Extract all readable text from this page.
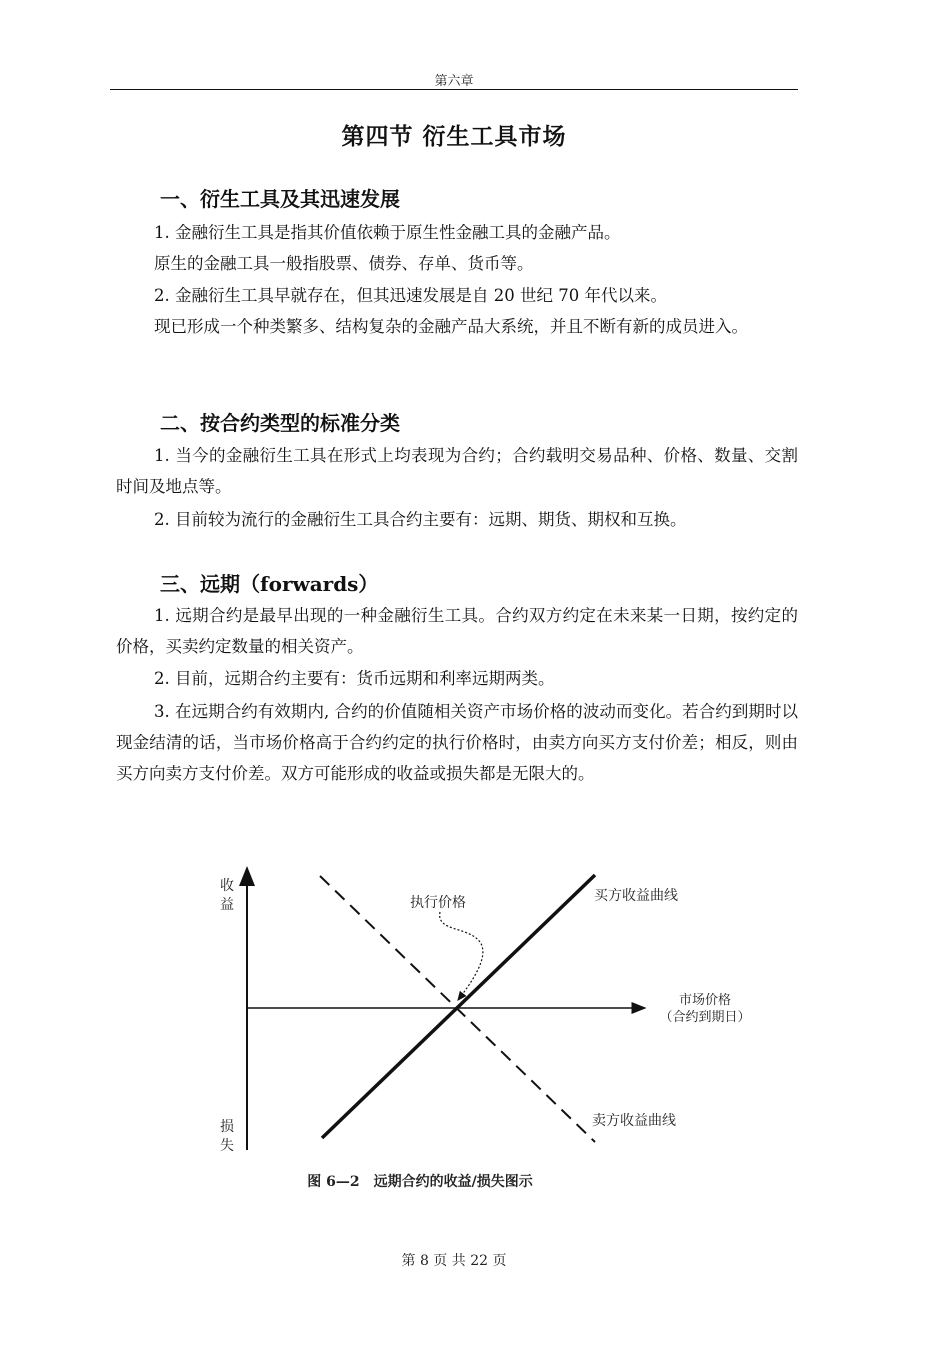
第六章
第四节 衍生工具市场
一、衍生工具及其迅速发展
1. 金融衍生工具是指其价值依赖于原生性金融工具的金融产品。
原生的金融工具一般指股票、债券、存单、货币等。
2. 金融衍生工具早就存在，但其迅速发展是自 20 世纪 70 年代以来。
现已形成一个种类繁多、结构复杂的金融产品大系统，并且不断有新的成员进入。
二、按合约类型的标准分类
1. 当今的金融衍生工具在形式上均表现为合约；合约载明交易品种、价格、数量、交割时间及地点等。
2. 目前较为流行的金融衍生工具合约主要有：远期、期货、期权和互换。
三、远期（forwards）
1. 远期合约是最早出现的一种金融衍生工具。合约双方约定在未来某一日期，按约定的价格，买卖约定数量的相关资产。
2. 目前，远期合约主要有：货币远期和利率远期两类。
3. 在远期合约有效期内, 合约的价值随相关资产市场价格的波动而变化。若合约到期时以现金结清的话，当市场价格高于合约约定的执行价格时，由卖方向买方支付价差；相反，则由买方向卖方支付价差。双方可能形成的收益或损失都是无限大的。
收
益
损
失
执行价格	买方收益曲线
卖方收益曲线
市场价格
（合约到期日）
图 6—2　远期合约的收益/损失图示
第 8 页 共 22 页
